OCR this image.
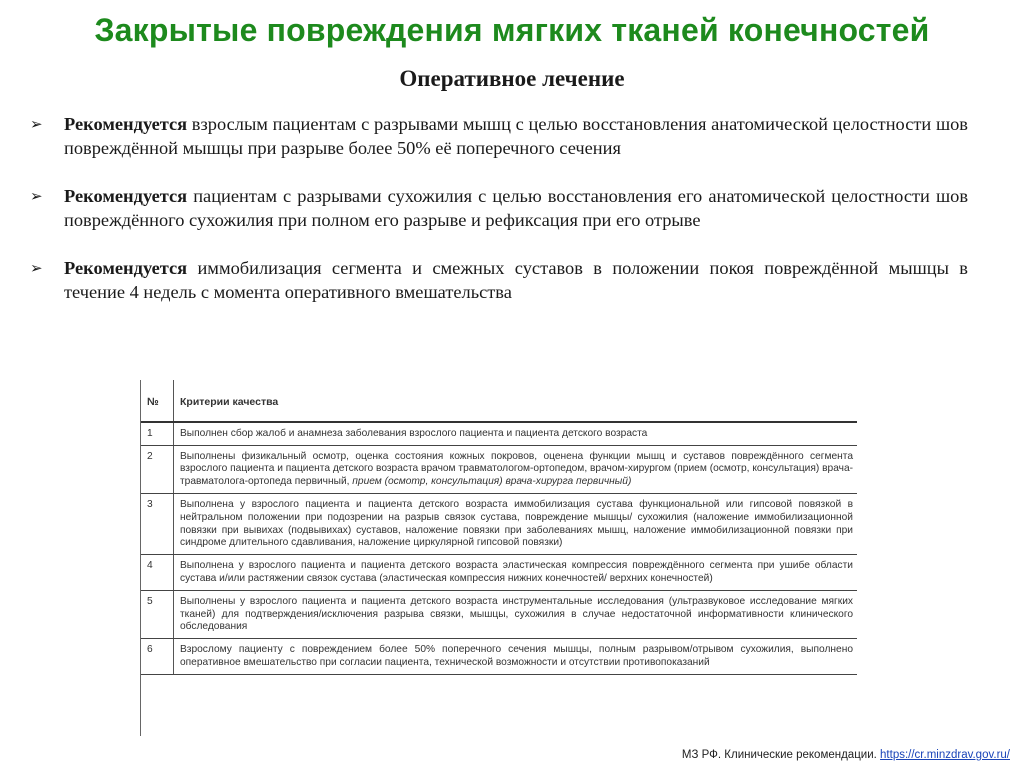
Закрытые повреждения мягких тканей конечностей
Оперативное лечение
➢ Рекомендуется взрослым пациентам с разрывами мышц с целью восстановления анатомической целостности шов повреждённой мышцы при разрыве более 50% её поперечного сечения
➢ Рекомендуется пациентам с разрывами сухожилия с целью восстановления его анатомической целостности шов повреждённого сухожилия при полном его разрыве и рефиксация при его отрыве
➢ Рекомендуется иммобилизация сегмента и смежных суставов в положении покоя повреждённой мышцы в течение 4 недель с момента оперативного вмешательства
№	Критерии качества
1	Выполнен сбор жалоб и анамнеза заболевания взрослого пациента и пациента детского возраста
2	Выполнены физикальный осмотр, оценка состояния кожных покровов, оценена функции мышц и суставов повреждённого сегмента взрослого пациента и пациента детского возраста врачом травматологом-ортопедом, врачом-хирургом (прием (осмотр, консультация) врача-травматолога-ортопеда первичный, прием (осмотр, консультация) врача-хирурга первичный)
3	Выполнена у взрослого пациента и пациента детского возраста иммобилизация сустава функциональной или гипсовой повязкой в нейтральном положении при подозрении на разрыв связок сустава, повреждение мышцы/ сухожилия (наложение иммобилизационной повязки при вывихах (подвывихах) суставов, наложение повязки при заболеваниях мышц, наложение иммобилизационной повязки при синдроме длительного сдавливания, наложение циркулярной гипсовой повязки)
4	Выполнена у взрослого пациента и пациента детского возраста эластическая компрессия повреждённого сегмента при ушибе области сустава и/или растяжении связок сустава (эластическая компрессия нижних конечностей/ верхних конечностей)
5	Выполнены у взрослого пациента и пациента детского возраста инструментальные исследования (ультразвуковое исследование мягких тканей) для подтверждения/исключения разрыва связки, мышцы, сухожилия в случае недостаточной информативности клинического обследования
6	Взрослому пациенту с повреждением более 50% поперечного сечения мышцы, полным разрывом/отрывом сухожилия, выполнено оперативное вмешательство при согласии пациента, технической возможности и отсутствии противопоказаний
МЗ РФ. Клинические рекомендации. https://cr.minzdrav.gov.ru/
